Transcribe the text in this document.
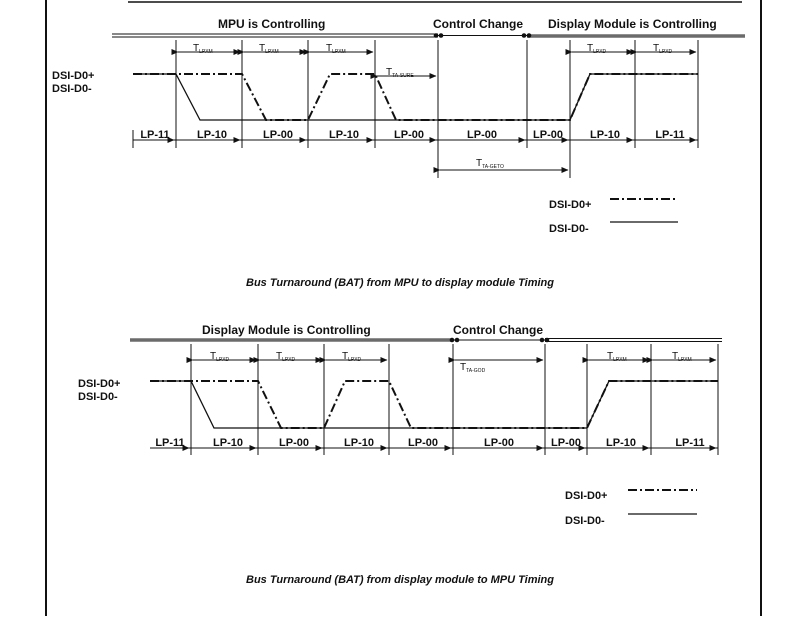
MPU is Controlling	Control Change Display Module is Controlling
TLPXM	TLPXM	TLPXM
TTA-SURE
TTA-GETO
TLPXD	TLPXD
DSI-D0+
DSI-D0-
LP-11 LP-10	LP-00	LP-10	LP-00	LP-00	LP-00 LP-10	LP-11
DSI-D0+
DSI-D0-
Bus Turnaround (BAT) from MPU to display module Timing
Display Module is Controlling	Control Change
TLPXD	TLPXD	TLPXD
TTA-GOD
TLPXM	TLPXM
DSI-D0+
DSI-D0-
LP-11	LP-10	LP-00	LP-10	LP-00	LP-00	LP-00 LP-10	LP-11
DSI-D0+
DSI-D0-
Bus Turnaround (BAT) from display module to MPU Timing
